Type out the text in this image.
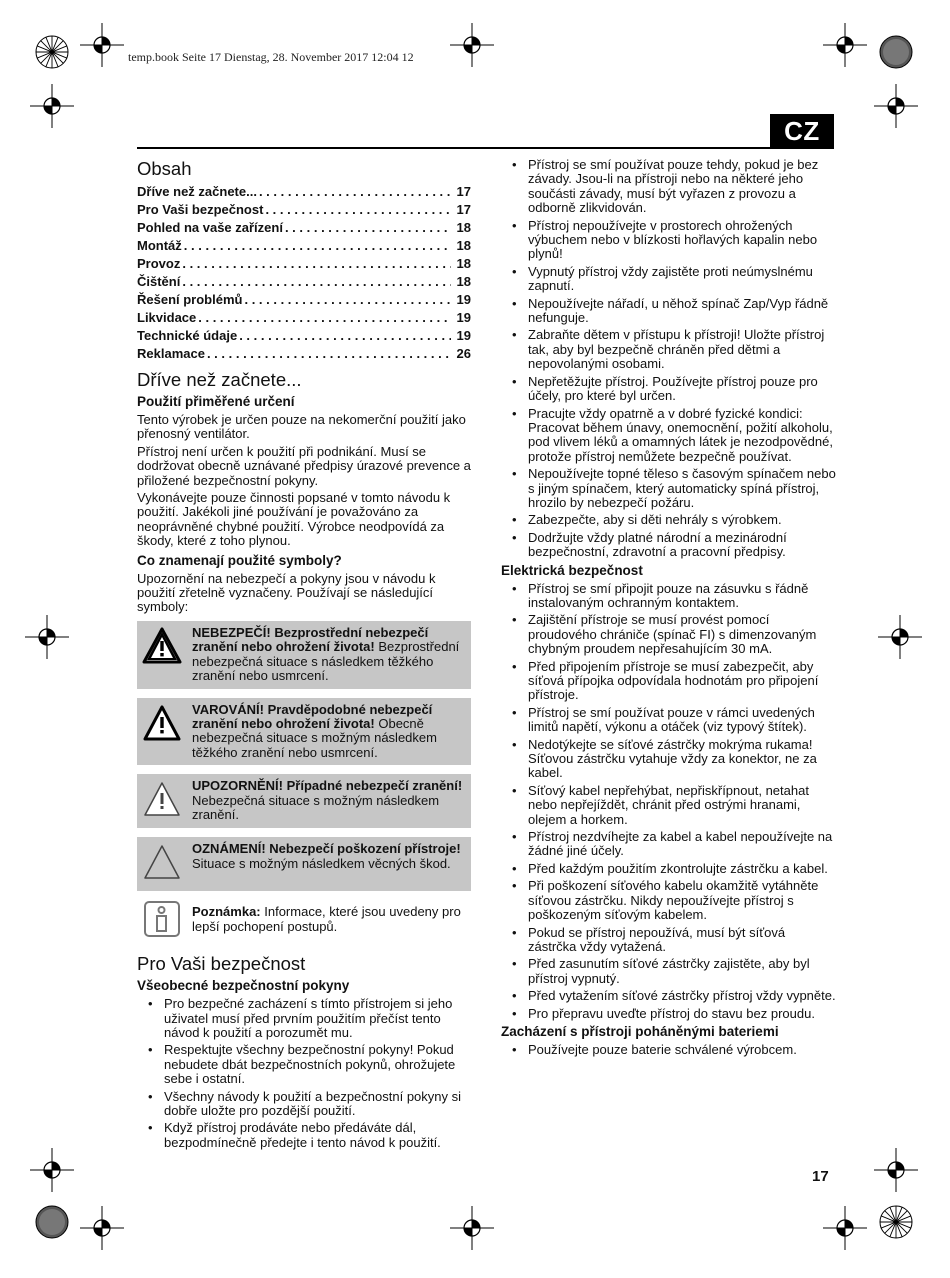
temp.book Seite 17 Dienstag, 28. November 2017 12:04 12
CZ
Obsah
Dříve než začnete... . . .	17
Pro Vaši bezpečnost . . .	17
Pohled na vaše zařízení . . .	18
Montáž . . .	18
Provoz . . .	18
Čištění . . .	18
Řešení problémů . . .	19
Likvidace . . .	19
Technické údaje . . .	19
Reklamace . . .	26
Dříve než začnete...
Použití přiměřené určení

Tento výrobek je určen pouze na nekomerční použití jako přenosný ventilátor.

Přístroj není určen k použití při podnikání. Musí se dodržovat obecně uznávané předpisy úrazové prevence a přiložené bezpečnostní pokyny.

Vykonávejte pouze činnosti popsané v tomto návodu k použití. Jakékoli jiné používání je považováno za neoprávněné chybné použití. Výrobce neodpovídá za škody, které z toho plynou.

Co znamenají použité symboly?

Upozornění na nebezpečí a pokyny jsou v návodu k použití zřetelně vyznačeny. Používají se následující symboly:

NEBEZPEČÍ! Bezprostřední nebezpečí zranění nebo ohrožení života! Bezprostřední nebezpečná situace s následkem těžkého zranění nebo usmrcení.
VAROVÁNÍ! Pravděpodobné nebezpečí zranění nebo ohrožení života! Obecně nebezpečná situace s možným následkem těžkého zranění nebo usmrcení.
UPOZORNĚNÍ! Případné nebezpečí zranění! Nebezpečná situace s možným následkem zranění.
OZNÁMENÍ! Nebezpečí poškození přístroje! Situace s možným následkem věcných škod.
Poznámka: Informace, které jsou uvedeny pro lepší pochopení postupů.
Pro Vaši bezpečnost
Všeobecné bezpečnostní pokyny
• Pro bezpečné zacházení s tímto přístrojem si jeho uživatel musí před prvním použitím přečíst tento návod k použití a porozumět mu.
• Respektujte všechny bezpečnostní pokyny! Pokud nebudete dbát bezpečnostních pokynů, ohrožujete sebe i ostatní.
• Všechny návody k použití a bezpečnostní pokyny si dobře uložte pro pozdější použití.
• Když přístroj prodáváte nebo předáváte dál, bezpodmínečně předejte i tento návod k použití.
• Přístroj se smí používat pouze tehdy, pokud je bez závady. Jsou-li na přístroji nebo na některé jeho součásti závady, musí být vyřazen z provozu a odborně zlikvidován.
• Přístroj nepoužívejte v prostorech ohrožených výbuchem nebo v blízkosti hořlavých kapalin nebo plynů!
• Vypnutý přístroj vždy zajistěte proti neúmyslnému zapnutí.
• Nepoužívejte nářadí, u něhož spínač Zap/Vyp řádně nefunguje.
• Zabraňte dětem v přístupu k přístroji! Uložte přístroj tak, aby byl bezpečně chráněn před dětmi a nepovolanými osobami.
• Nepřetěžujte přístroj. Používejte přístroj pouze pro účely, pro které byl určen.
• Pracujte vždy opatrně a v dobré fyzické kondici: Pracovat během únavy, onemocnění, požití alkoholu, pod vlivem léků a omamných látek je nezodpovědné, protože přístroj nemůžete bezpečně používat.
• Nepoužívejte topné těleso s časovým spínačem nebo s jiným spínačem, který automaticky spíná přístroj, hrozilo by nebezpečí požáru.
• Zabezpečte, aby si děti nehrály s výrobkem.
• Dodržujte vždy platné národní a mezinárodní bezpečnostní, zdravotní a pracovní předpisy.
Elektrická bezpečnost
• Přístroj se smí připojit pouze na zásuvku s řádně instalovaným ochranným kontaktem.
• Zajištění přístroje se musí provést pomocí proudového chrániče (spínač FI) s dimenzovaným chybným proudem nepřesahujícím 30 mA.
• Před připojením přístroje se musí zabezpečit, aby síťová přípojka odpovídala hodnotám pro připojení přístroje.
• Přístroj se smí používat pouze v rámci uvedených limitů napětí, výkonu a otáček (viz typový štítek).
• Nedotýkejte se síťové zástrčky mokrýma rukama! Síťovou zástrčku vytahuje vždy za konektor, ne za kabel.
• Síťový kabel nepřehýbat, nepřiskřípnout, netahat nebo nepřejíždět, chránit před ostrými hranami, olejem a horkem.
• Přístroj nezdvíhejte za kabel a kabel nepoužívejte na žádné jiné účely.
• Před každým použitím zkontrolujte zástrčku a kabel.
• Při poškození síťového kabelu okamžitě vytáhněte síťovou zástrčku. Nikdy nepoužívejte přístroj s poškozeným síťovým kabelem.
• Pokud se přístroj nepoužívá, musí být síťová zástrčka vždy vytažená.
• Před zasunutím síťové zástrčky zajistěte, aby byl přístroj vypnutý.
• Před vytažením síťové zástrčky přístroj vždy vypněte.
• Pro přepravu uveďte přístroj do stavu bez proudu.
Zacházení s přístroji poháněnými bateriemi
• Používejte pouze baterie schválené výrobcem.
17
